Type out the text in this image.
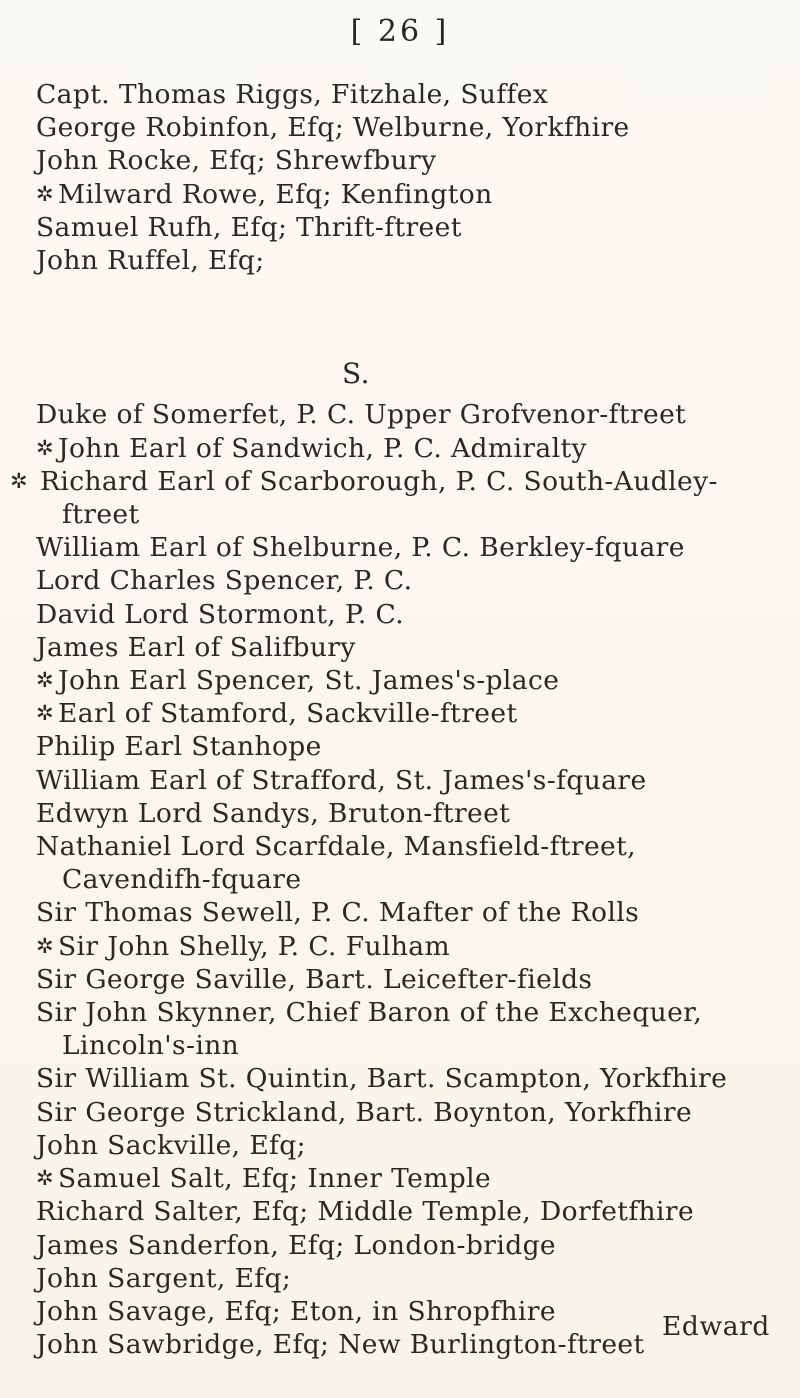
[ 26 ]
Capt. Thomas Riggs, Fitzhale, Suffex
George Robinfon, Efq; Welburne, Yorkfhire
John Rocke, Efq; Shrewfbury
✲ Milward Rowe, Efq; Kenfington
Samuel Rufh, Efq; Thrift-ftreet
John Ruffel, Efq;
S.
Duke of Somerfet, P. C. Upper Grofvenor-ftreet
✲ John Earl of Sandwich, P. C. Admiralty
✲ Richard Earl of Scarborough, P. C. South-Audley-ftreet
William Earl of Shelburne, P. C. Berkley-fquare
Lord Charles Spencer, P. C.
David Lord Stormont, P. C.
James Earl of Salifbury
✲ John Earl Spencer, St. James's-place
✲ Earl of Stamford, Sackville-ftreet
Philip Earl Stanhope
William Earl of Strafford, St. James's-fquare
Edwyn Lord Sandys, Bruton-ftreet
Nathaniel Lord Scarfdale, Mansfield-ftreet, Cavendifh-fquare
Sir Thomas Sewell, P. C. Mafter of the Rolls
✲ Sir John Shelly, P. C. Fulham
Sir George Saville, Bart. Leicefter-fields
Sir John Skynner, Chief Baron of the Exchequer, Lincoln's-inn
Sir William St. Quintin, Bart. Scampton, Yorkfhire
Sir George Strickland, Bart. Boynton, Yorkfhire
John Sackville, Efq;
✲ Samuel Salt, Efq; Inner Temple
Richard Salter, Efq; Middle Temple, Dorfetfhire
James Sanderfon, Efq; London-bridge
John Sargent, Efq;
John Savage, Efq; Eton, in Shropfhire
John Sawbridge, Efq; New Burlington-ftreet
Edward
